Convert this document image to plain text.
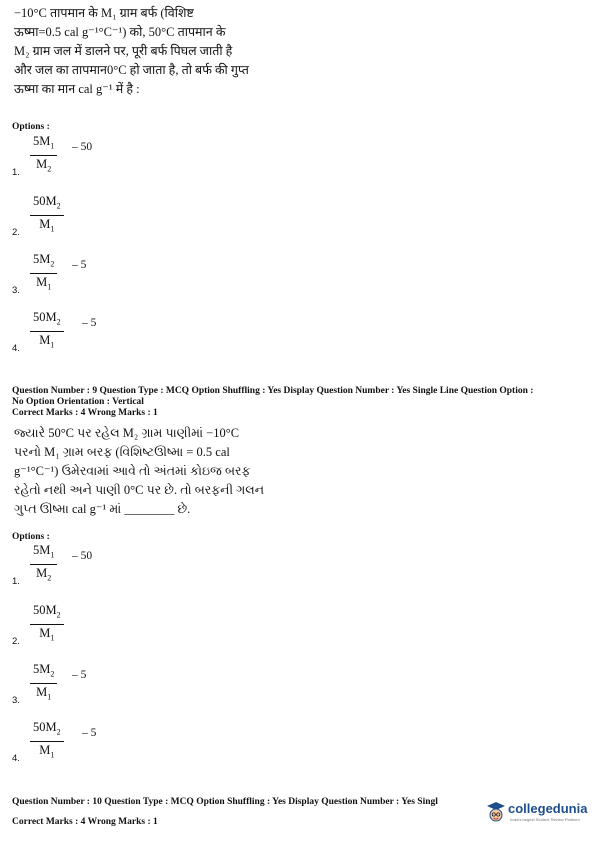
−10°C तापमान के M₁ ग्राम बर्फ (विशिष्ट
ऊष्मा=0.5 cal g⁻¹°C⁻¹) को, 50°C तापमान के
M₂ ग्राम जल में डालने पर, पूरी बर्फ पिघल जाती है
और जल का तापमान0°C हो जाता है, तो बर्फ की गुप्त
ऊष्मा का मान cal g⁻¹ में है :
Options :
$\frac{5M_1}{M_2} - 50$
1.
$\frac{50M_2}{M_1}$
2.
$\frac{5M_2}{M_1} - 5$
3.
$\frac{50M_2}{M_1} - 5$
4.
Question Number : 9 Question Type : MCQ Option Shuffling : Yes Display Question Number : Yes Single Line Question Option :
No Option Orientation : Vertical
Correct Marks : 4 Wrong Marks : 1
જ્યારે 50°C પર રહેલ M₂ ગ્રામ પાણીમાં −10°C
પરનો M₁ ગ્રામ બરફ (વિશિષ્ટઊષ્મા = 0.5 cal
g⁻¹°C⁻¹) ઉમેરવામાં આવે તો અંતમાં કોઇજ બરફ
રહેતો નથી અને પાણી 0°C પર છે. તો બરફની ગલન
ગુપ્ત ઊષ્મા cal g⁻¹ માં ________ છે.
Options :
$\frac{5M_1}{M_2} - 50$
1.
$\frac{50M_2}{M_1}$
2.
$\frac{5M_2}{M_1} - 5$
3.
$\frac{50M_2}{M_1} - 5$
4.
Question Number : 10 Question Type : MCQ Option Shuffling : Yes Display Question Number : Yes Singl
Correct Marks : 4 Wrong Marks : 1
collegedunia
India's largest Student Review Platform
